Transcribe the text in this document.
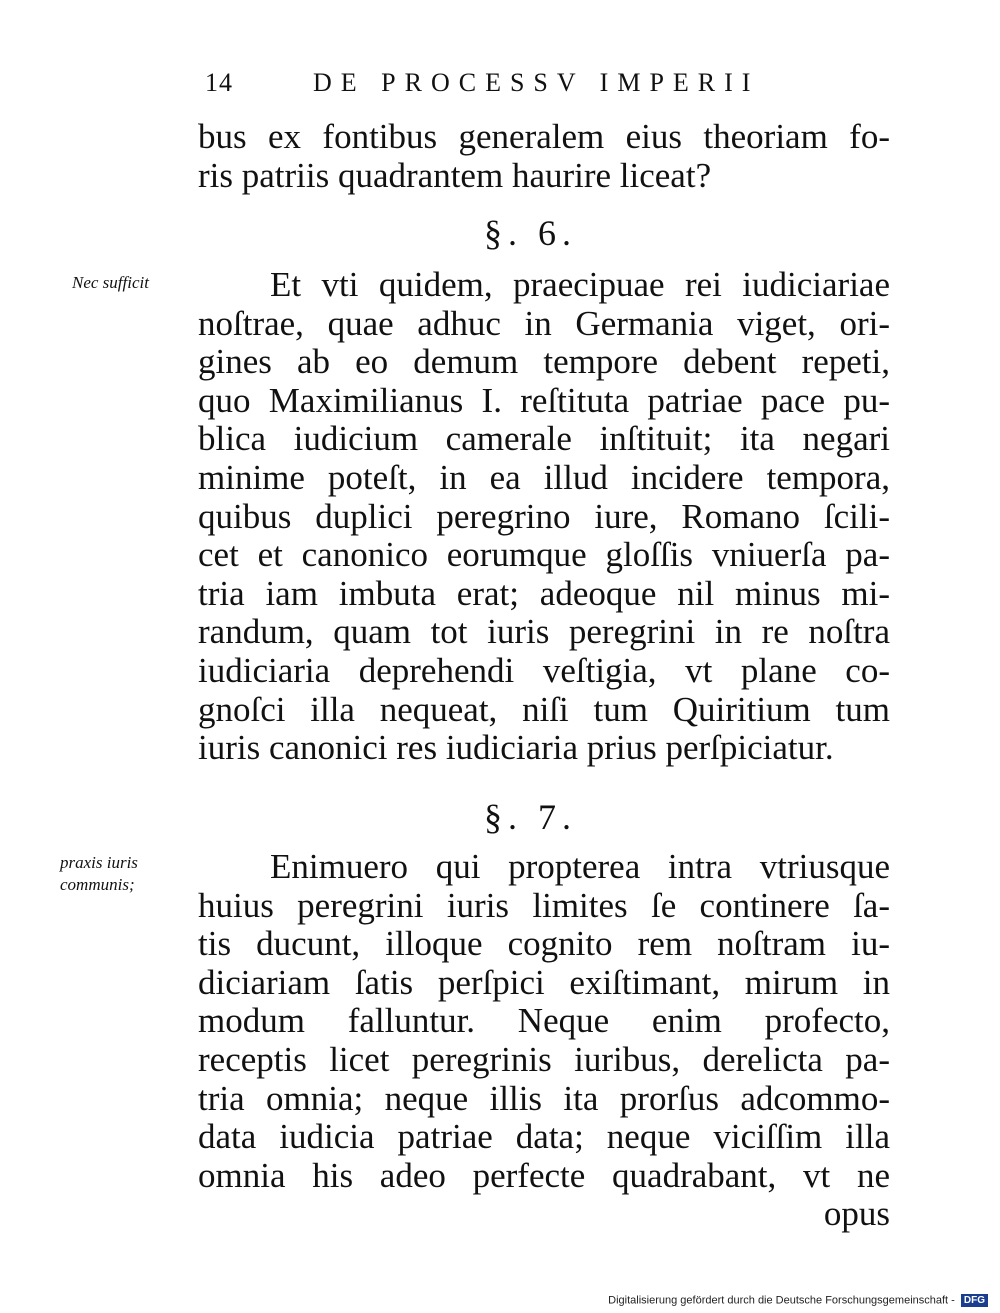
14	DE PROCESSV IMPERII
bus ex fontibus generalem eius theoriam fo-
ris patriis quadrantem haurire liceat?
§. 6.
Nec sufficit	Et vti quidem, praecipuae rei iudiciariae
noſtrae, quae adhuc in Germania viget, ori-
gines ab eo demum tempore debent repeti,
quo Maximilianus I. reſtituta patriae pace pu-
blica iudicium camerale inſtituit; ita negari
minime poteſt, in ea illud incidere tempora,
quibus duplici peregrino iure, Romano ſcili-
cet et canonico eorumque gloſſis vniuerſa pa-
tria iam imbuta erat; adeoque nil minus mi-
randum, quam tot iuris peregrini in re noſtra
iudiciaria deprehendi veſtigia, vt plane co-
gnoſci illa nequeat, niſi tum Quiritium tum
iuris canonici res iudiciaria prius perſpiciatur.
§. 7.
praxis iuris
communis;	Enimuero qui propterea intra vtriusque
huius peregrini iuris limites ſe continere ſa-
tis ducunt, illoque cognito rem noſtram iu-
diciariam ſatis perſpici exiſtimant, mirum in
modum falluntur. Neque enim profecto,
receptis licet peregrinis iuribus, derelicta pa-
tria omnia; neque illis ita prorſus adcommo-
data iudicia patriae data; neque viciſſim illa
omnia his adeo perfecte quadrabant, vt ne
opus
Digitalisierung gefördert durch die Deutsche Forschungsgemeinschaft - DFG
